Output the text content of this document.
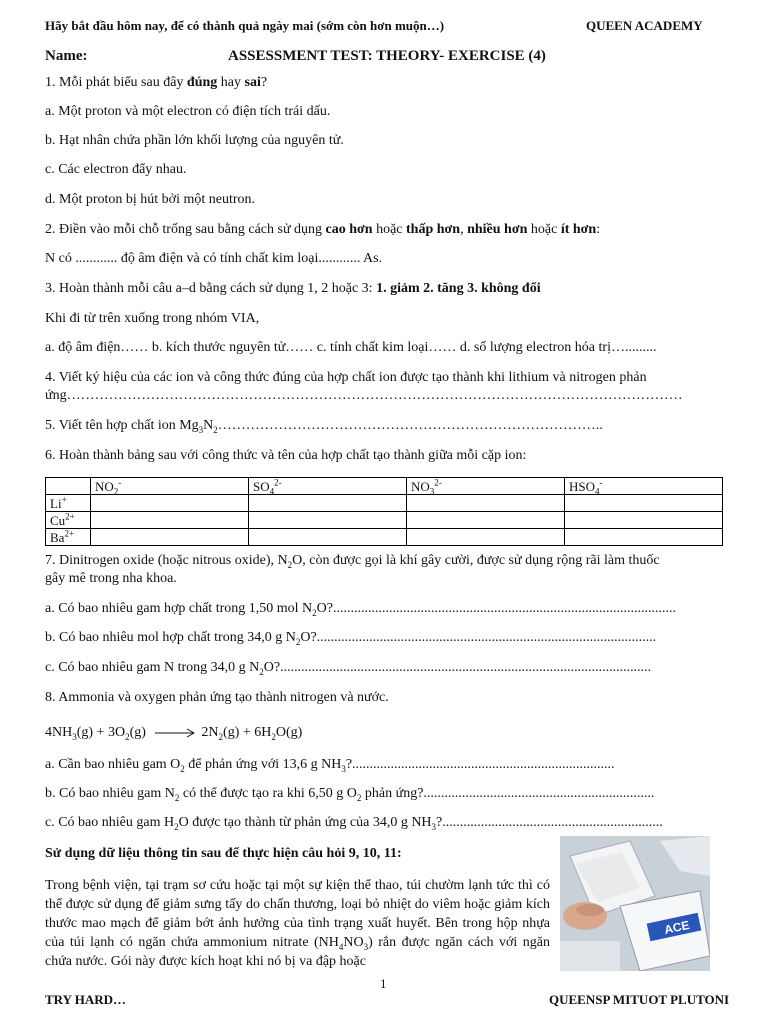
Hãy bắt đầu hôm nay, để có thành quả ngày mai (sớm còn hơn muộn…)	QUEEN ACADEMY
Name:	ASSESSMENT TEST: THEORY- EXERCISE (4)
1. Mỗi phát biểu sau đây đúng hay sai?
a. Một proton và một electron có điện tích trái dấu.
b. Hạt nhân chứa phần lớn khối lượng của nguyên tử.
c. Các electron đẩy nhau.
d. Một proton bị hút bởi một neutron.
2. Điền vào mỗi chỗ trống sau bằng cách sử dụng cao hơn hoặc thấp hơn, nhiều hơn hoặc ít hơn:
N có ............ độ âm điện và có tính chất kim loại............ As.
3. Hoàn thành mỗi câu a–d bằng cách sử dụng 1, 2 hoặc 3: 1. giảm 2. tăng 3. không đổi
Khi đi từ trên xuống trong nhóm VIA,
a. độ âm điện…… b. kích thước nguyên tử…… c. tính chất kim loại…… d. số lượng electron hóa trị….........
4. Viết ký hiệu của các ion và công thức đúng của hợp chất ion được tạo thành khi lithium và nitrogen phản
ứng……………………………………………………………………………………………………………………
5. Viết tên hợp chất ion $Mg_3N_2\dots\dots\dots\dots\dots\dots\dots\dots\dots\dots\dots\dots\dots\dots\dots\dots\dots\dots\dots\dots\dots\dots\dots\dots\dots\dots\dots$..
6. Hoàn thành bảng sau với công thức và tên của hợp chất tạo thành giữa mỗi cặp ion:
	$NO_2^-$	$SO_4^{2-}$	$NO_3^{2-}$	$HSO_4^-$
Li+				
$Cu^{2+}$				
$Ba^{2+}$				
7. Dinitrogen oxide (hoặc nitrous oxide), $N_2O$, còn được gọi là khí gây cười, được sử dụng rộng rãi làm thuốc
gây mê trong nha khoa.
a. Có bao nhiêu gam hợp chất trong 1,50 mol $N_2O$?..................................................................................................
b. Có bao nhiêu mol hợp chất trong 34,0 g $N_2O$?.................................................................................................
c. Có bao nhiêu gam N trong 34,0 g $N_2O$?..........................................................................................................
8. Ammonia và oxygen phản ứng tạo thành nitrogen và nước.
$4NH_3(g) + 3O_2(g) \to 2N_2(g) + 6H_2O(g)$
a. Cần bao nhiêu gam $O_2$ để phản ứng với 13,6 g $NH_3$?...........................................................................
b. Có bao nhiêu gam $N_2$ có thể được tạo ra khi 6,50 g $O_2$ phản ứng?..................................................................
c. Có bao nhiêu gam $H_2O$ được tạo thành từ phản ứng của 34,0 g $NH_3$?...............................................................
Sử dụng dữ liệu thông tin sau để thực hiện câu hỏi 9, 10, 11:
Trong bệnh viện, tại trạm sơ cứu hoặc tại một sự kiện thể thao, túi chườm lạnh tức thì có thể được sử dụng để giảm sưng tấy do chấn thương, loại bỏ nhiệt do viêm hoặc giảm kích thước mao mạch để giảm bớt ảnh hưởng của tình trạng xuất huyết. Bên trong hộp nhựa của túi lạnh có ngăn chứa ammonium nitrate $(NH_4NO_3)$ rắn được ngăn cách với ngăn chứa nước. Gói này được kích hoạt khi nó bị va đập hoặc
ACE
1
TRY HARD…	QUEENSP MITUOT PLUTONI
